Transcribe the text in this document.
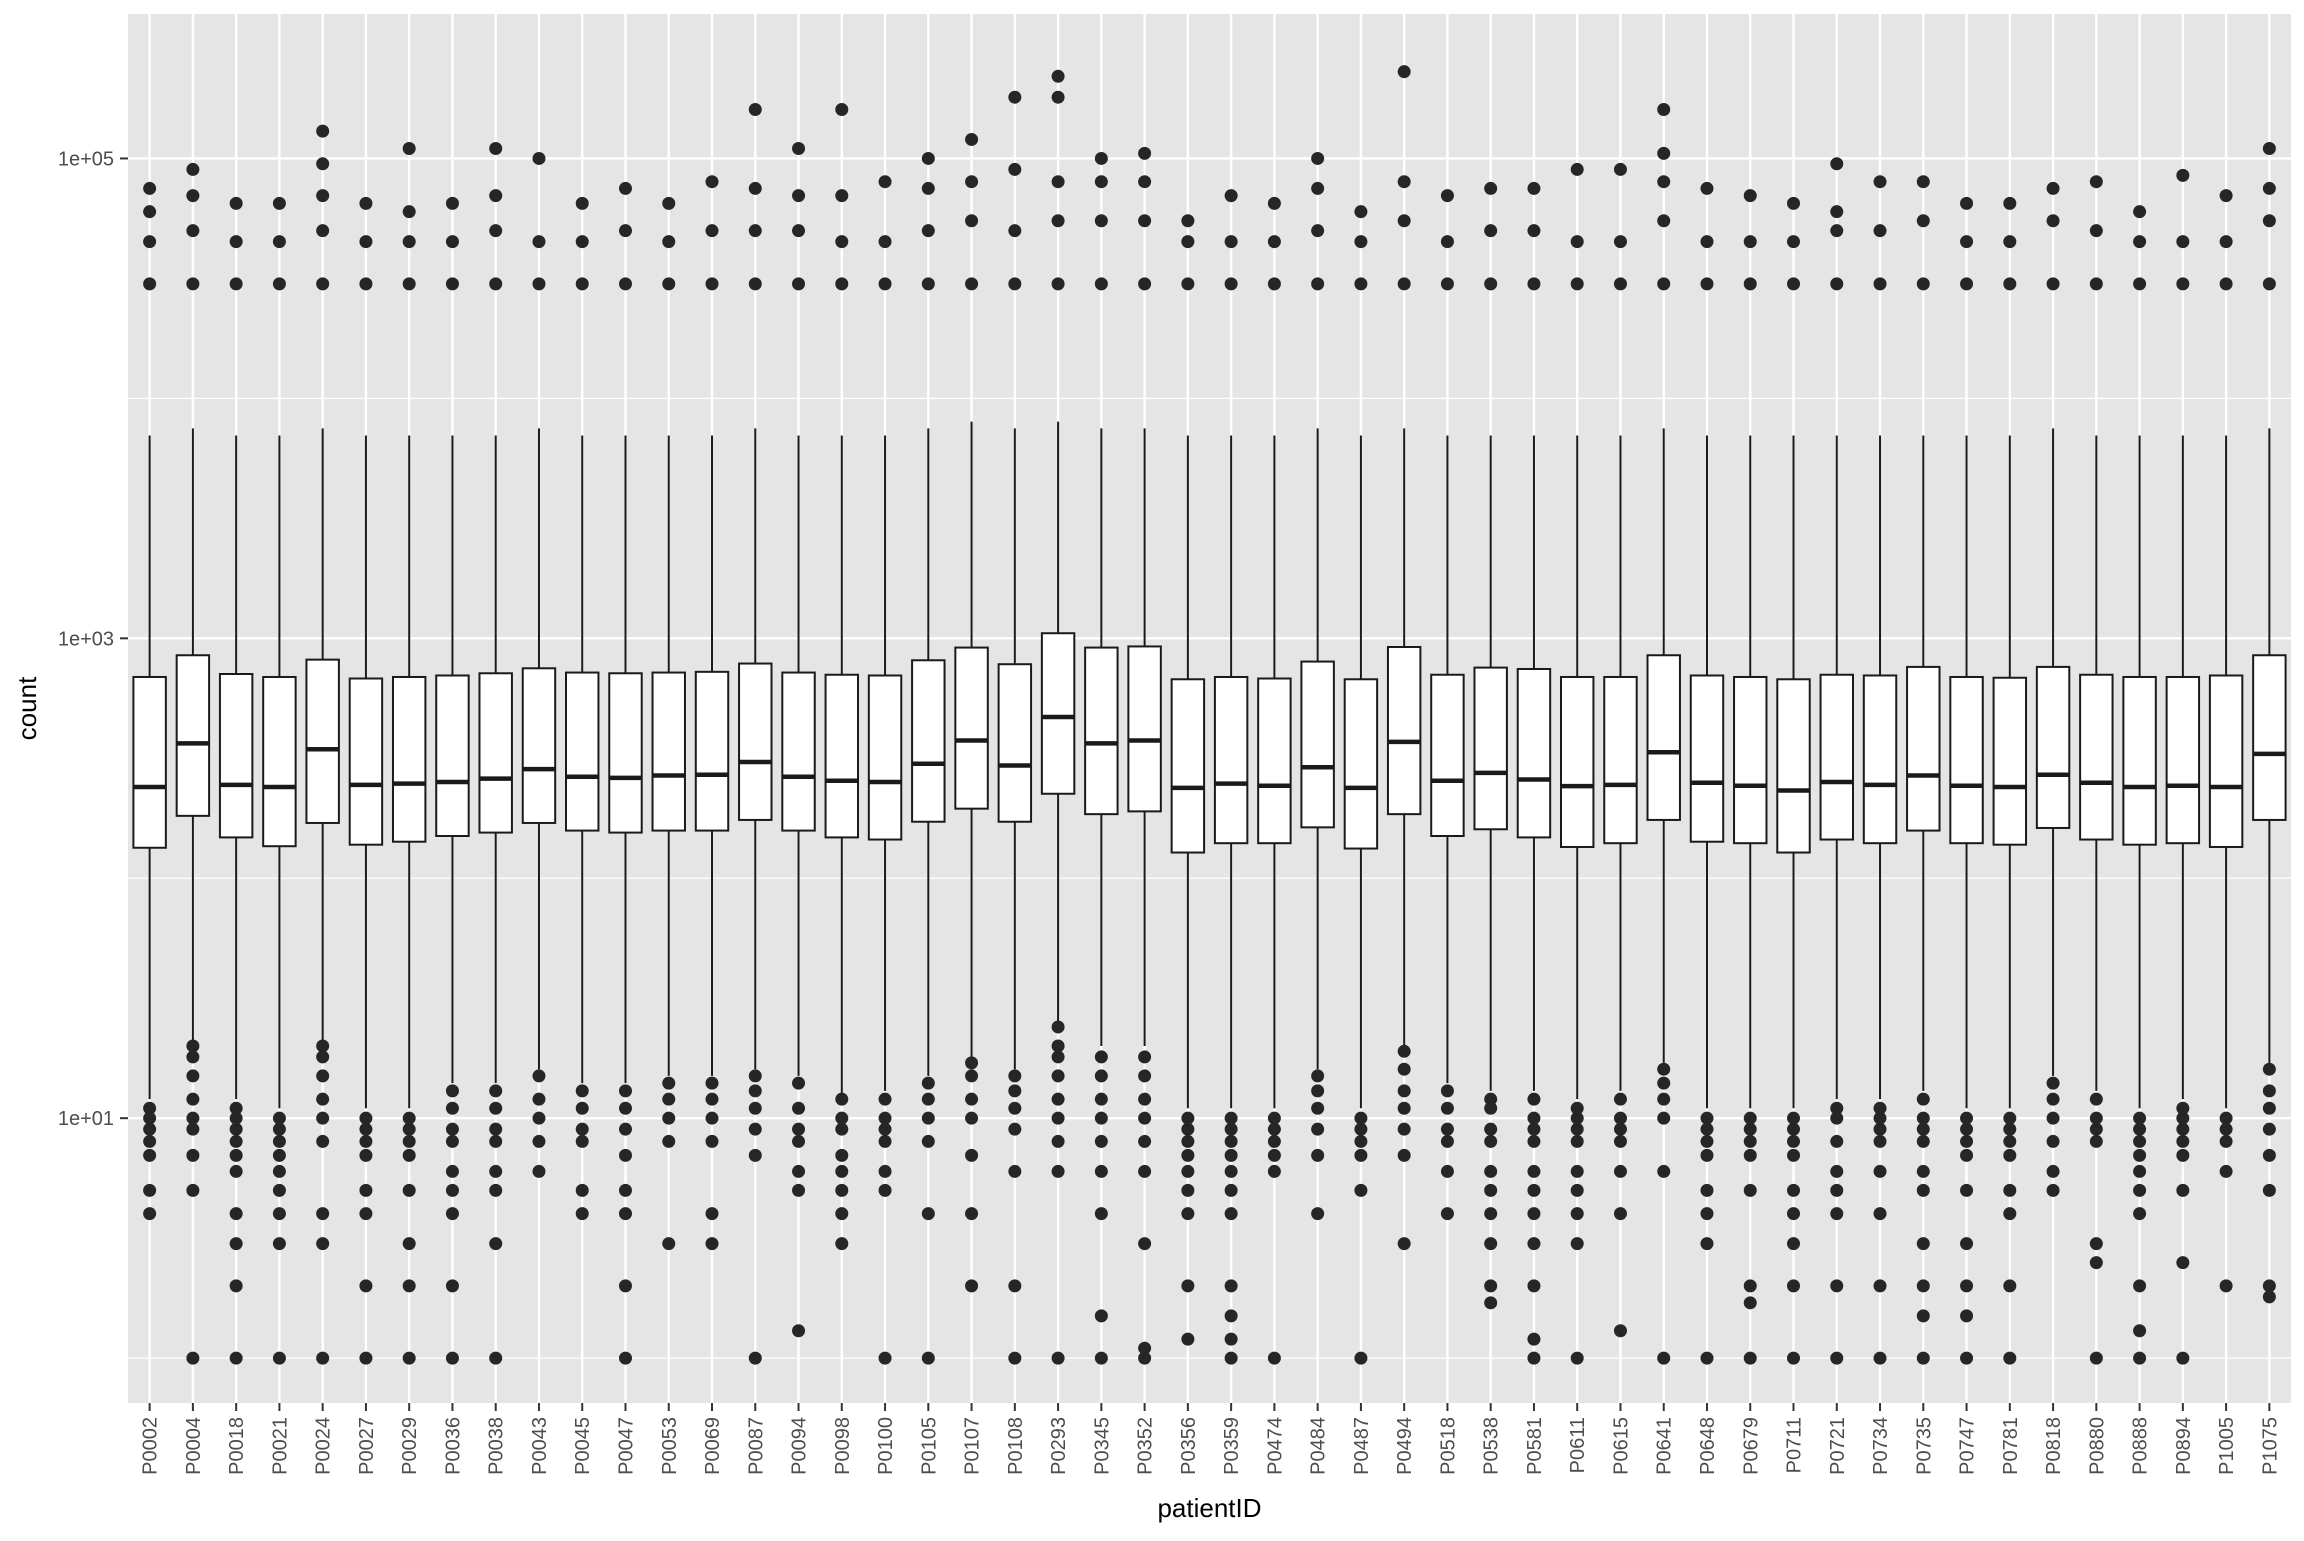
1e+01
1e+03
1e+05
P0002 P0004 P0018 P0021 P0024 P0027 P0029 P0036 P0038 P0043 P0045 P0047 P0053 P0069 P0087 P0094 P0098 P0100 P0105 P0107 P0108 P0293 P0345 P0352 P0356 P0359 P0474 P0484 P0487 P0494 P0518 P0538 P0581 P0611 P0615 P0641 P0648 P0679 P0711 P0721 P0734 P0735 P0747 P0781 P0818 P0880 P0888 P0894 P1005 P1075
patientID
count
